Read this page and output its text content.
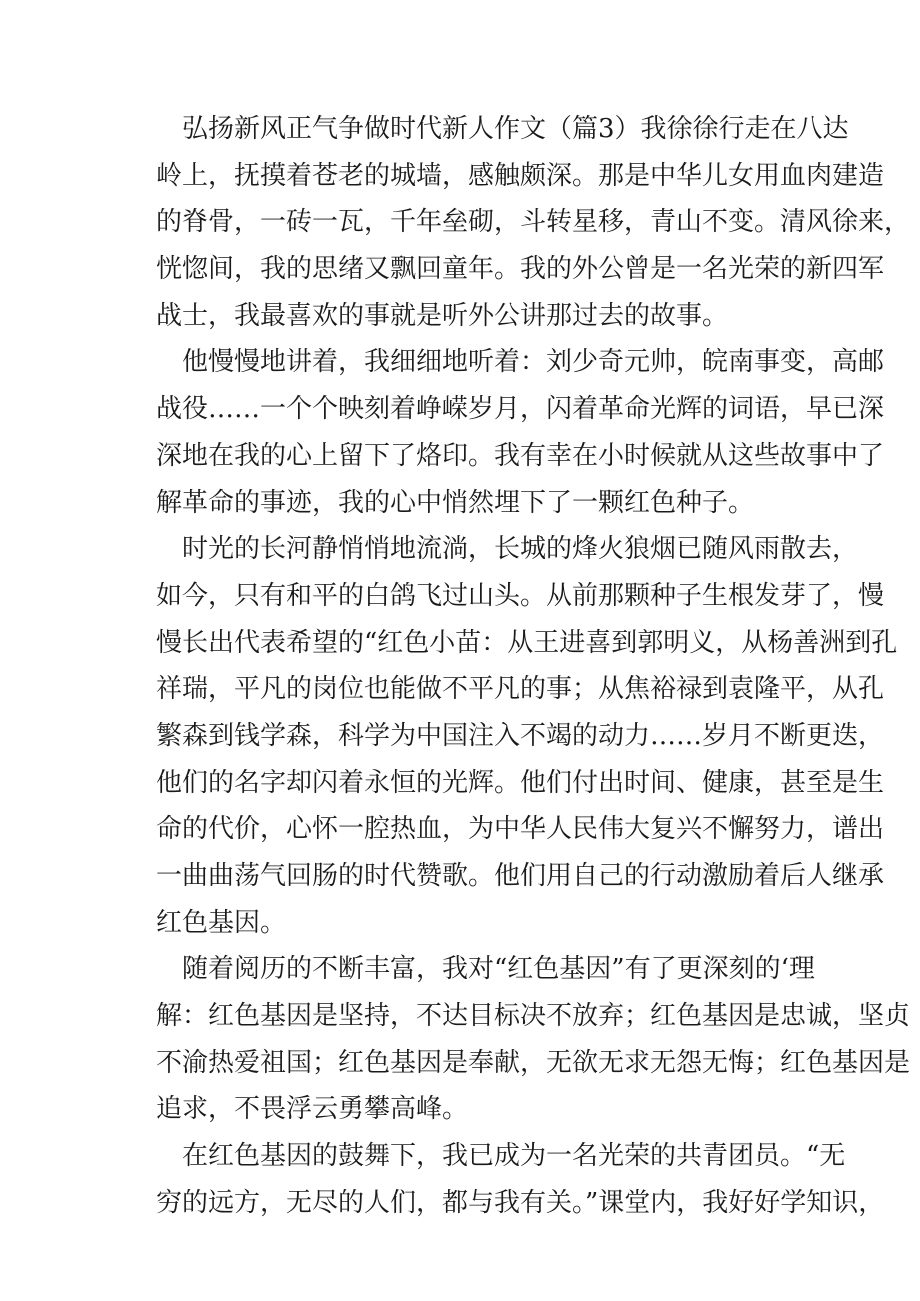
弘扬新风正气争做时代新人作文（篇3）我徐徐行走在八达
岭上，抚摸着苍老的城墙，感触颇深。那是中华儿女用血肉建造
的脊骨，一砖一瓦，千年垒砌，斗转星移，青山不变。清风徐来，
恍惚间，我的思绪又飘回童年。我的外公曾是一名光荣的新四军
战士，我最喜欢的事就是听外公讲那过去的故事。
他慢慢地讲着，我细细地听着：刘少奇元帅，皖南事变，高邮
战役……一个个映刻着峥嵘岁月，闪着革命光辉的词语，早已深
深地在我的心上留下了烙印。我有幸在小时候就从这些故事中了
解革命的事迹，我的心中悄然埋下了一颗红色种子。
时光的长河静悄悄地流淌，长城的烽火狼烟已随风雨散去，
如今，只有和平的白鸽飞过山头。从前那颗种子生根发芽了，慢
慢长出代表希望的“红色小苗：从王进喜到郭明义，从杨善洲到孔
祥瑞，平凡的岗位也能做不平凡的事；从焦裕禄到袁隆平，从孔
繁森到钱学森，科学为中国注入不竭的动力……岁月不断更迭，
他们的名字却闪着永恒的光辉。他们付出时间、健康，甚至是生
命的代价，心怀一腔热血，为中华人民伟大复兴不懈努力，谱出
一曲曲荡气回肠的时代赞歌。他们用自己的行动激励着后人继承
红色基因。
随着阅历的不断丰富，我对“红色基因”有了更深刻的‘理
解：红色基因是坚持，不达目标决不放弃；红色基因是忠诚，坚贞
不渝热爱祖国；红色基因是奉献，无欲无求无怨无悔；红色基因是
追求，不畏浮云勇攀高峰。
在红色基因的鼓舞下，我已成为一名光荣的共青团员。“无
穷的远方，无尽的人们，都与我有关。”课堂内，我好好学知识，
